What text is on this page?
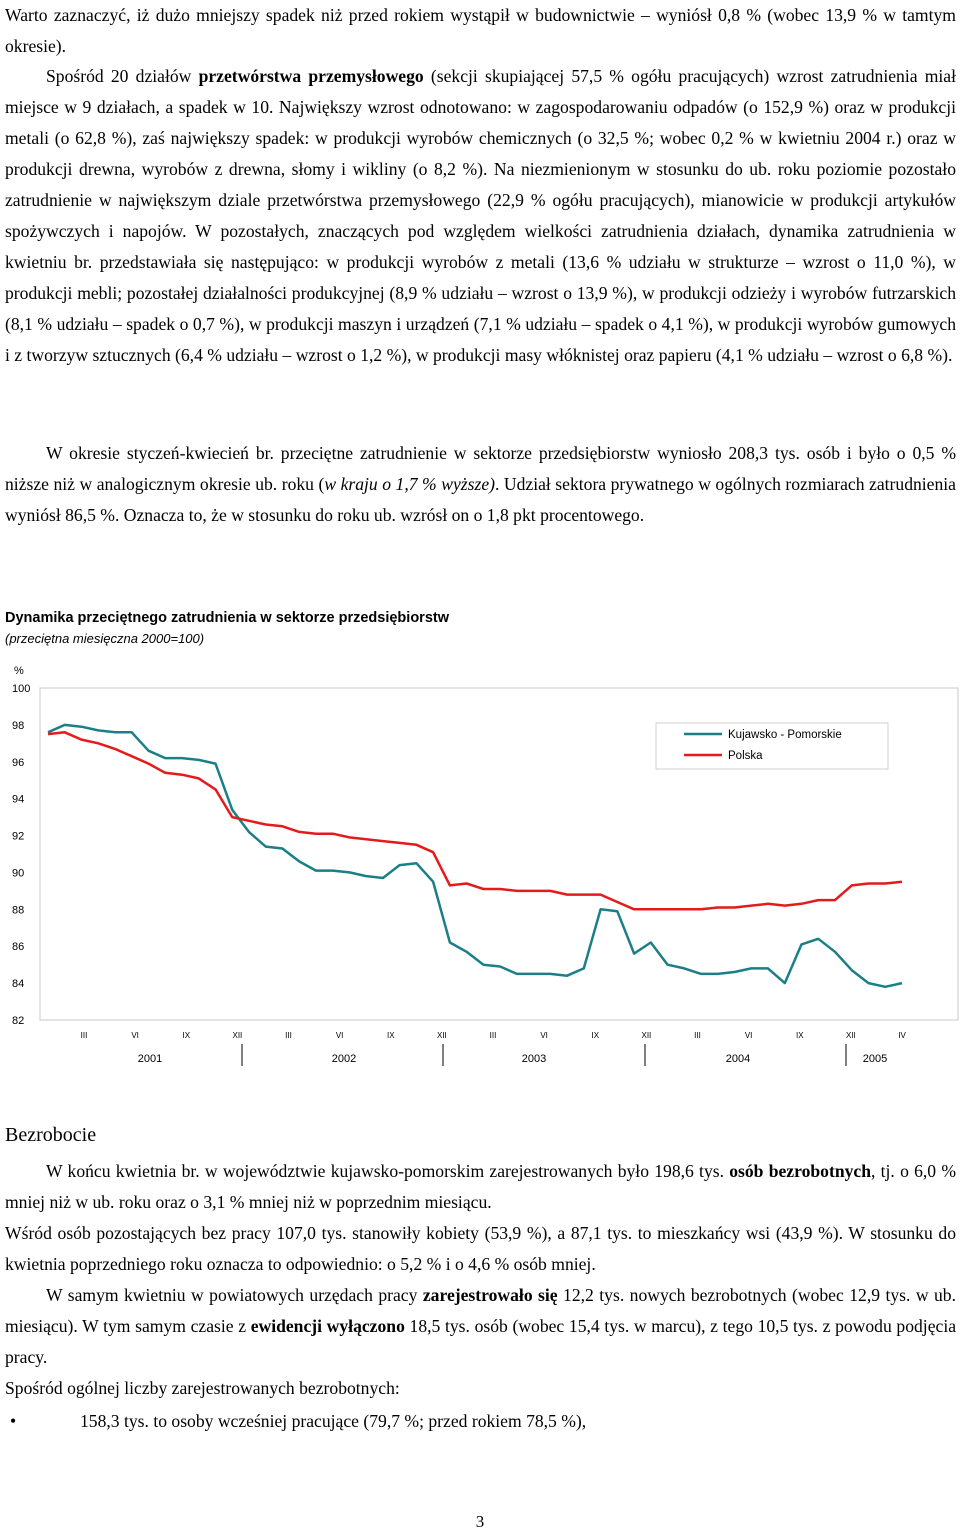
Warto zaznaczyć, iż dużo mniejszy spadek niż przed rokiem wystąpił w budownictwie – wyniósł 0,8 % (wobec 13,9 % w tamtym okresie).

Spośród 20 działów przetwórstwa przemysłowego (sekcji skupiającej 57,5 % ogółu pracujących) wzrost zatrudnienia miał miejsce w 9 działach, a spadek w 10. Największy wzrost odnotowano: w zagospodarowaniu odpadów (o 152,9 %) oraz w produkcji metali (o 62,8 %), zaś największy spadek: w produkcji wyrobów chemicznych (o 32,5 %; wobec 0,2 % w kwietniu 2004 r.) oraz w produkcji drewna, wyrobów z drewna, słomy i wikliny (o 8,2 %). Na niezmienionym w stosunku do ub. roku poziomie pozostało zatrudnienie w największym dziale przetwórstwa przemysłowego (22,9 % ogółu pracujących), mianowicie w produkcji artykułów spożywczych i napojów. W pozostałych, znaczących pod względem wielkości zatrudnienia działach, dynamika zatrudnienia w kwietniu br. przedstawiała się następująco: w produkcji wyrobów z metali (13,6 % udziału w strukturze – wzrost o 11,0 %), w produkcji mebli; pozostałej działalności produkcyjnej (8,9 % udziału – wzrost o 13,9 %), w produkcji odzieży i wyrobów futrzarskich (8,1 % udziału – spadek o 0,7 %), w produkcji maszyn i urządzeń (7,1 % udziału – spadek o 4,1 %), w produkcji wyrobów gumowych i z tworzyw sztucznych (6,4 % udziału – wzrost o 1,2 %), w produkcji masy włóknistej oraz papieru (4,1 % udziału – wzrost o 6,8 %).

W okresie styczeń-kwiecień br. przeciętne zatrudnienie w sektorze przedsiębiorstw wyniosło 208,3 tys. osób i było o 0,5 % niższe niż w analogicznym okresie ub. roku (w kraju o 1,7 % wyższe). Udział sektora prywatnego w ogólnych rozmiarach zatrudnienia wyniósł 86,5 %. Oznacza to, że w stosunku do roku ub. wzrósł on o 1,8 pkt procentowego.

Dynamika przeciętnego zatrudnienia w sektorze przedsiębiorstw
(przeciętna miesięczna 2000=100)
%
82
84
86
88
90
92
94
96
98
100
III	VI	IX	XII	III	VI	IX	XII	III	VI	IX	XII	III	VI	IX	XII	IV
2001	2002	2003	2004	2005
Kujawsko - Pomorskie
Polska
Bezrobocie

W końcu kwietnia br. w województwie kujawsko-pomorskim zarejestrowanych było 198,6 tys. osób bezrobotnych, tj. o 6,0 % mniej niż w ub. roku oraz o 3,1 % mniej niż w poprzednim miesiącu.

Wśród osób pozostających bez pracy 107,0 tys. stanowiły kobiety (53,9 %), a 87,1 tys. to mieszkańcy wsi (43,9 %). W stosunku do kwietnia poprzedniego roku oznacza to odpowiednio: o 5,2 % i o 4,6 % osób mniej.

W samym kwietniu w powiatowych urzędach pracy zarejestrowało się 12,2 tys. nowych bezrobotnych (wobec 12,9 tys. w ub. miesiącu). W tym samym czasie z ewidencji wyłączono 18,5 tys. osób (wobec 15,4 tys. w marcu), z tego 10,5 tys. z powodu podjęcia pracy.

Spośród ogólnej liczby zarejestrowanych bezrobotnych:

•	158,3 tys. to osoby wcześniej pracujące (79,7 %; przed rokiem 78,5 %),
3
